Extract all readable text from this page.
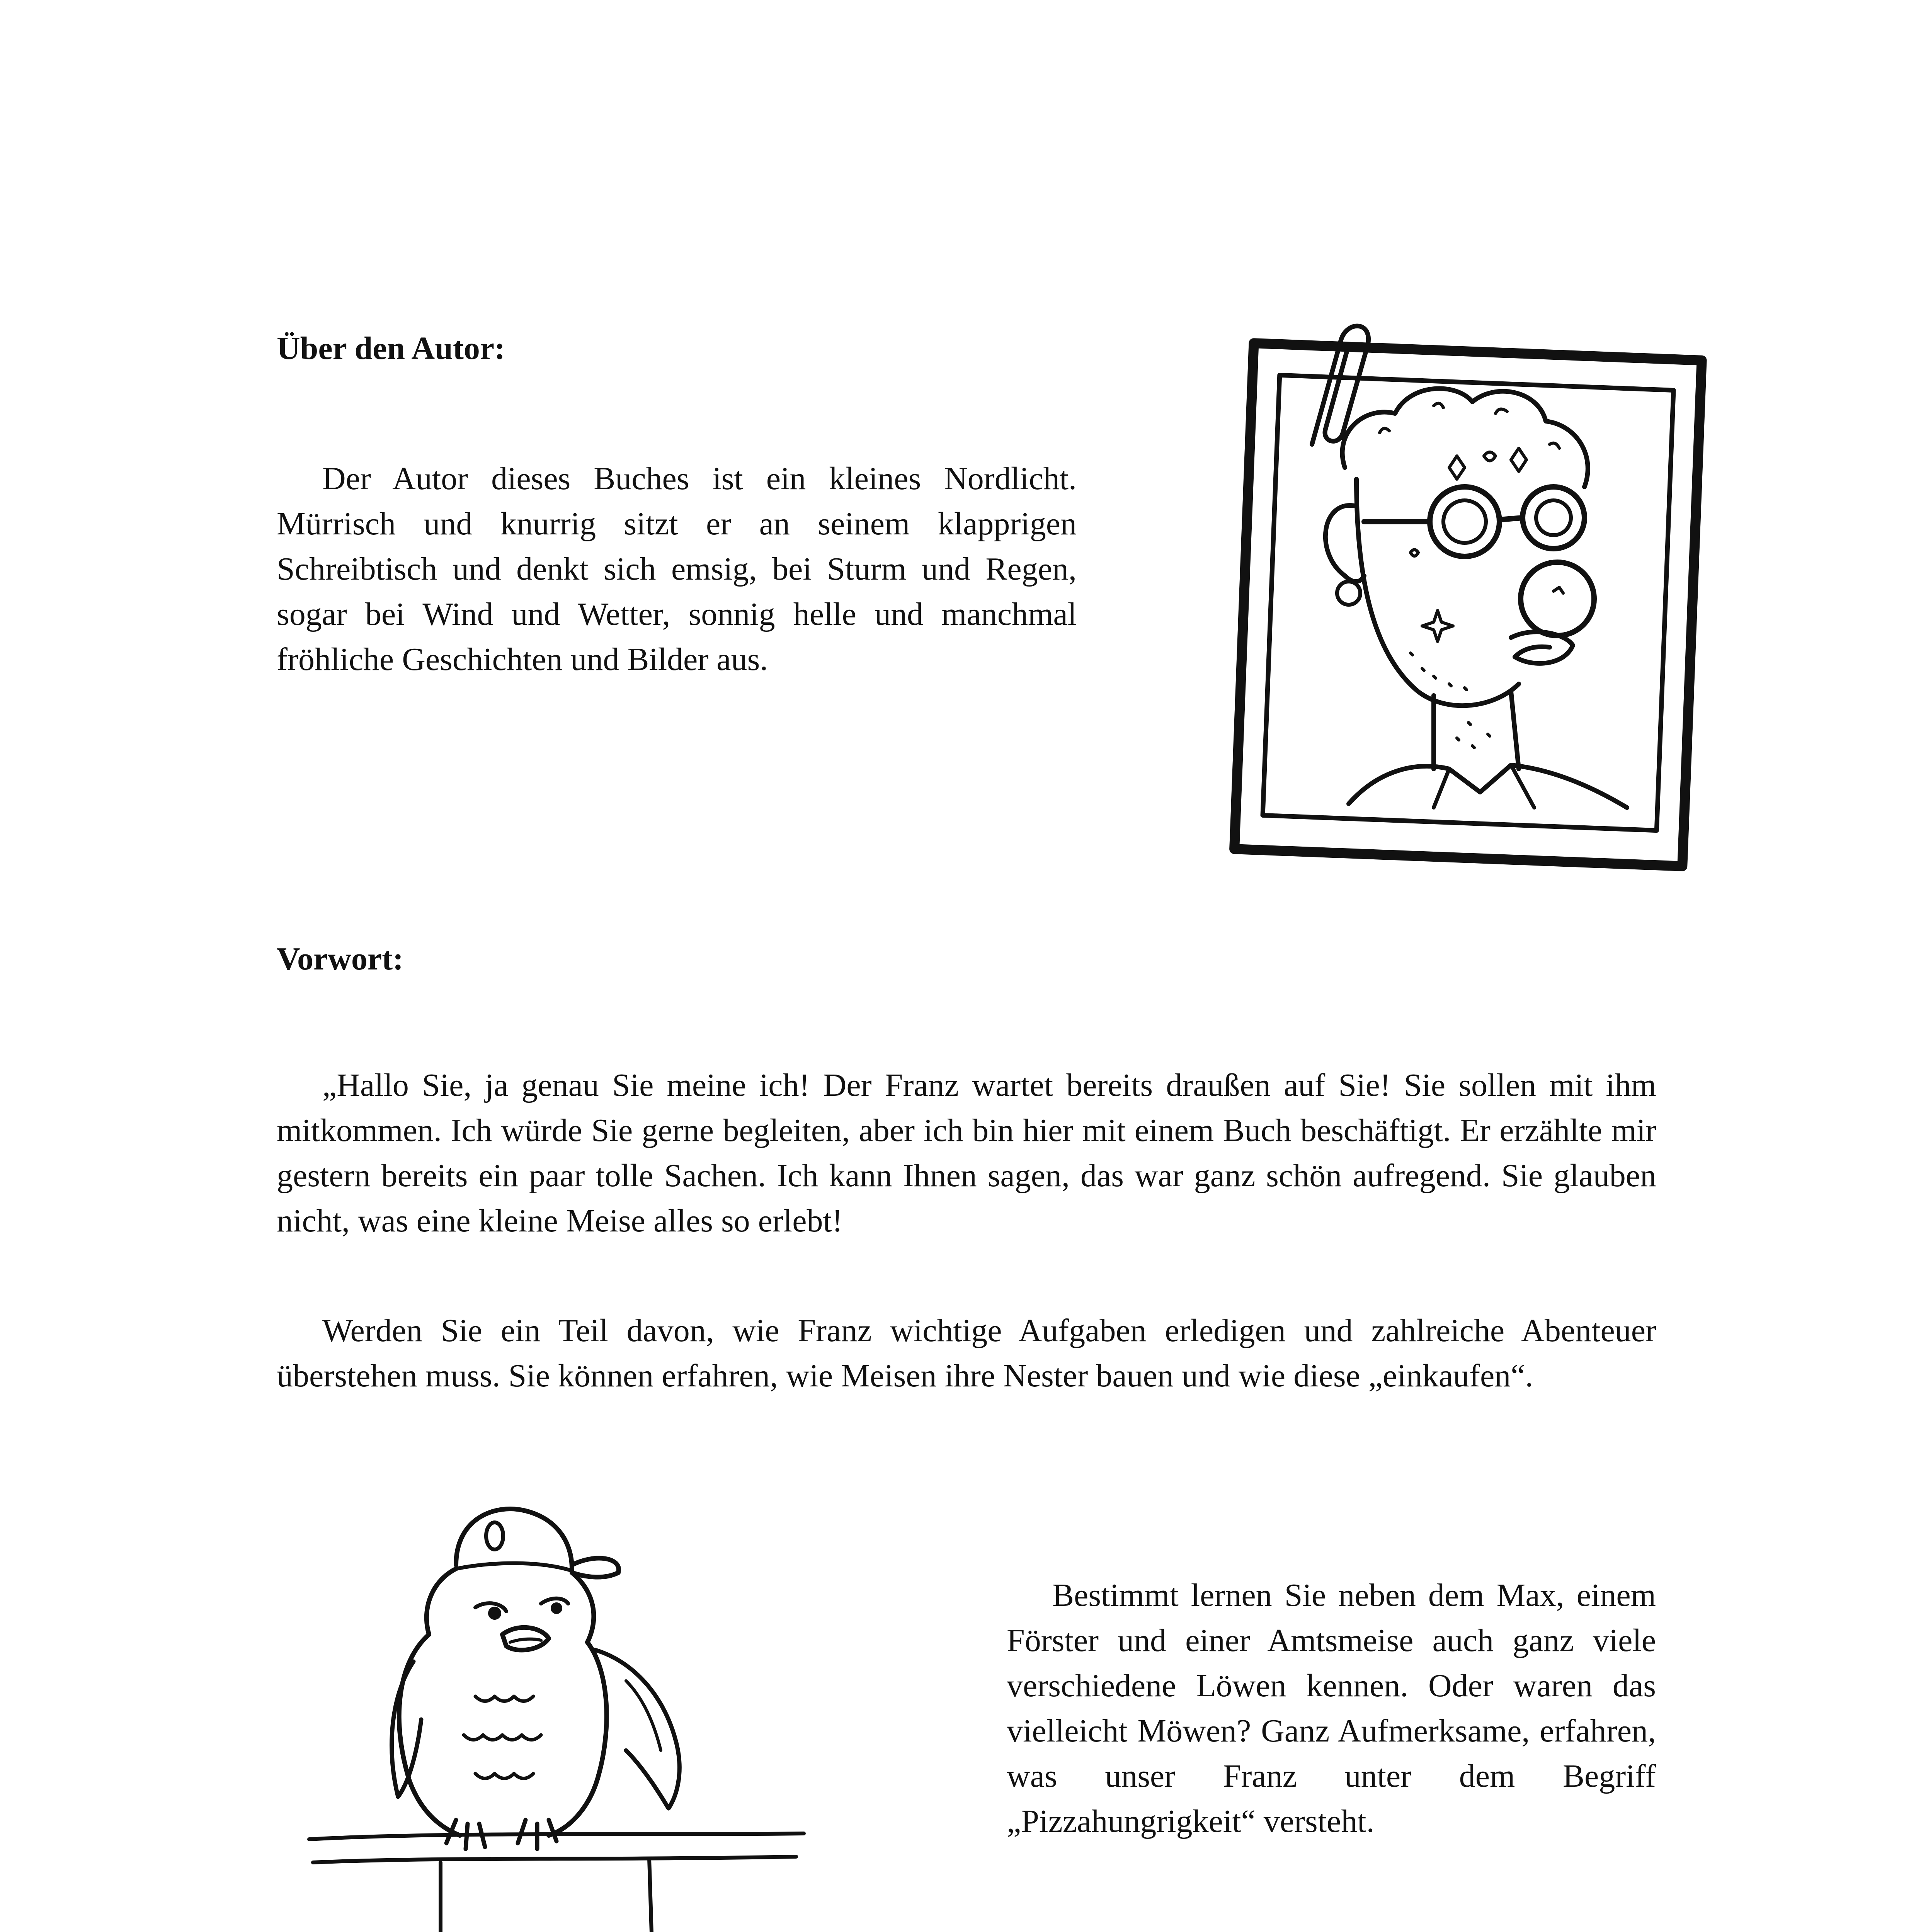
Über den Autor:

Der Autor dieses Buches ist ein kleines Nordlicht. Mürrisch und knurrig sitzt er an seinem klapprigen Schreibtisch und denkt sich emsig, bei Sturm und Regen, sogar bei Wind und Wetter, sonnig helle und manchmal fröhliche Geschichten und Bilder aus.

Vorwort:

„Hallo Sie, ja genau Sie meine ich! Der Franz wartet bereits draußen auf Sie! Sie sollen mit ihm mitkommen. Ich würde Sie gerne begleiten, aber ich bin hier mit einem Buch beschäftigt. Er erzählte mir gestern bereits ein paar tolle Sachen. Ich kann Ihnen sagen, das war ganz schön aufregend. Sie glauben nicht, was eine kleine Meise alles so erlebt!

Werden Sie ein Teil davon, wie Franz wichtige Aufgaben erledigen und zahlreiche Abenteuer überstehen muss. Sie können erfahren, wie Meisen ihre Nester bauen und wie diese „einkaufen“.

Bestimmt lernen Sie neben dem Max, einem Förster und einer Amtsmeise auch ganz viele verschiedene Löwen kennen. Oder waren das vielleicht Möwen? Ganz Aufmerksame, erfahren, was unser Franz unter dem Begriff „Pizzahungrigkeit“ versteht.
